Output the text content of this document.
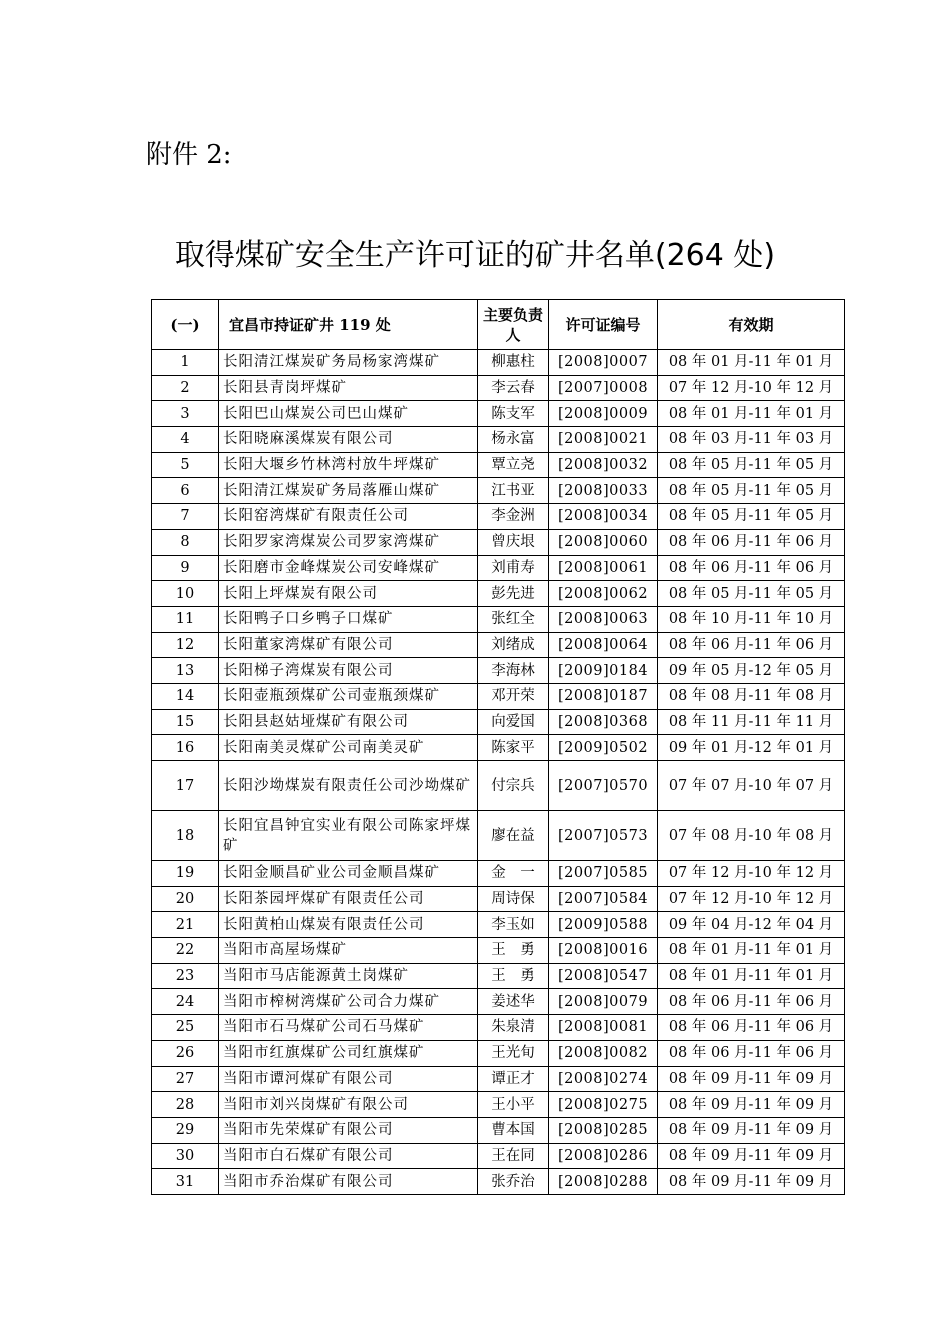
附件 2:
取得煤矿安全生产许可证的矿井名单(264 处)
(一)	宜昌市持证矿井 119 处	主要负责人	许可证编号	有效期
1	长阳清江煤炭矿务局杨家湾煤矿	柳惠柱	[2008]0007	08 年 01 月-11 年 01 月
2	长阳县青岗坪煤矿	李云春	[2007]0008	07 年 12 月-10 年 12 月
3	长阳巴山煤炭公司巴山煤矿	陈支军	[2008]0009	08 年 01 月-11 年 01 月
4	长阳晓麻溪煤炭有限公司	杨永富	[2008]0021	08 年 03 月-11 年 03 月
5	长阳大堰乡竹林湾村放牛坪煤矿	覃立尧	[2008]0032	08 年 05 月-11 年 05 月
6	长阳清江煤炭矿务局落雁山煤矿	江书亚	[2008]0033	08 年 05 月-11 年 05 月
7	长阳窑湾煤矿有限责任公司	李金洲	[2008]0034	08 年 05 月-11 年 05 月
8	长阳罗家湾煤炭公司罗家湾煤矿	曾庆垠	[2008]0060	08 年 06 月-11 年 06 月
9	长阳磨市金峰煤炭公司安峰煤矿	刘甫寿	[2008]0061	08 年 06 月-11 年 06 月
10	长阳上坪煤炭有限公司	彭先进	[2008]0062	08 年 05 月-11 年 05 月
11	长阳鸭子口乡鸭子口煤矿	张红全	[2008]0063	08 年 10 月-11 年 10 月
12	长阳董家湾煤矿有限公司	刘绪成	[2008]0064	08 年 06 月-11 年 06 月
13	长阳梯子湾煤炭有限公司	李海林	[2009]0184	09 年 05 月-12 年 05 月
14	长阳壶瓶颈煤矿公司壶瓶颈煤矿	邓开荣	[2008]0187	08 年 08 月-11 年 08 月
15	长阳县赵姑垭煤矿有限公司	向爱国	[2008]0368	08 年 11 月-11 年 11 月
16	长阳南美灵煤矿公司南美灵矿	陈家平	[2009]0502	09 年 01 月-12 年 01 月
17	长阳沙坳煤炭有限责任公司沙坳煤矿	付宗兵	[2007]0570	07 年 07 月-10 年 07 月
18	长阳宜昌钟宜实业有限公司陈家坪煤矿	廖在益	[2007]0573	07 年 08 月-10 年 08 月
19	长阳金顺昌矿业公司金顺昌煤矿	金　一	[2007]0585	07 年 12 月-10 年 12 月
20	长阳茶园坪煤矿有限责任公司	周诗保	[2007]0584	07 年 12 月-10 年 12 月
21	长阳黄柏山煤炭有限责任公司	李玉如	[2009]0588	09 年 04 月-12 年 04 月
22	当阳市高屋场煤矿	王　勇	[2008]0016	08 年 01 月-11 年 01 月
23	当阳市马店能源黄土岗煤矿	王　勇	[2008]0547	08 年 01 月-11 年 01 月
24	当阳市榨树湾煤矿公司合力煤矿	姜述华	[2008]0079	08 年 06 月-11 年 06 月
25	当阳市石马煤矿公司石马煤矿	朱泉清	[2008]0081	08 年 06 月-11 年 06 月
26	当阳市红旗煤矿公司红旗煤矿	王光旬	[2008]0082	08 年 06 月-11 年 06 月
27	当阳市谭河煤矿有限公司	谭正才	[2008]0274	08 年 09 月-11 年 09 月
28	当阳市刘兴岗煤矿有限公司	王小平	[2008]0275	08 年 09 月-11 年 09 月
29	当阳市先荣煤矿有限公司	曹本国	[2008]0285	08 年 09 月-11 年 09 月
30	当阳市白石煤矿有限公司	王在同	[2008]0286	08 年 09 月-11 年 09 月
31	当阳市乔治煤矿有限公司	张乔治	[2008]0288	08 年 09 月-11 年 09 月
